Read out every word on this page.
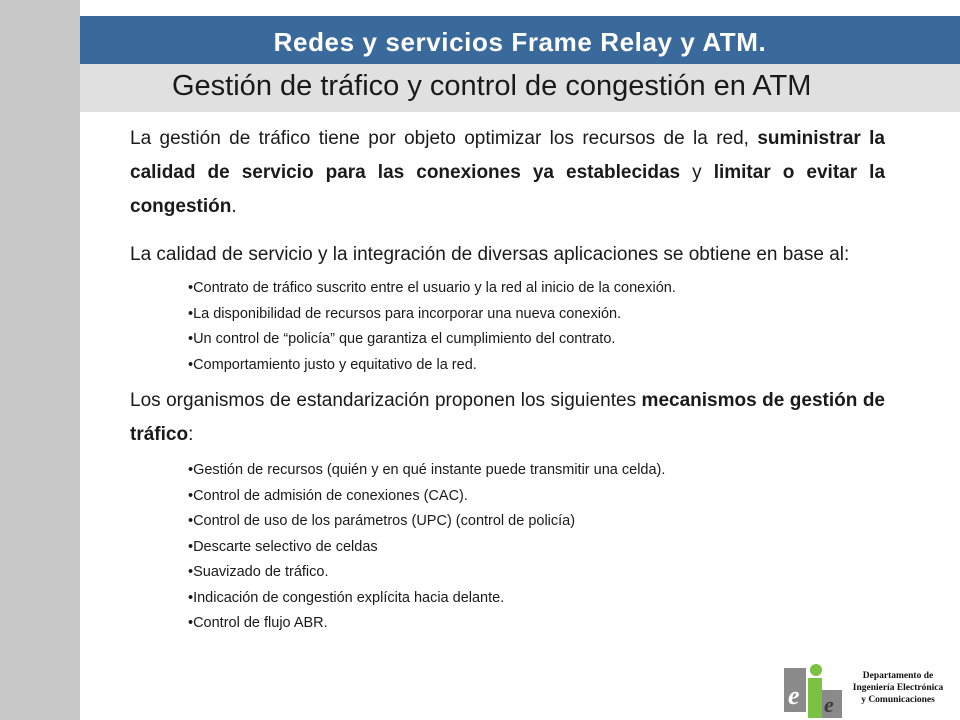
Redes y servicios Frame Relay y ATM.
Gestión de tráfico y control de congestión en ATM

La gestión de tráfico tiene por objeto optimizar los recursos de la red, suministrar la calidad de servicio para las conexiones ya establecidas y limitar o evitar la congestión.

La calidad de servicio y la integración de diversas aplicaciones se obtiene en base al:

• Contrato de tráfico suscrito entre el usuario y la red al inicio de la conexión.
• La disponibilidad de recursos para incorporar una nueva conexión.
• Un control de “policía” que garantiza el cumplimiento del contrato.
• Comportamiento justo y equitativo de la red.

Los organismos de estandarización proponen los siguientes mecanismos de gestión de tráfico:

• Gestión de recursos (quién y en qué instante puede transmitir una celda).
• Control de admisión de conexiones (CAC).
• Control de uso de los parámetros (UPC) (control de policía)
• Descarte selectivo de celdas
• Suavizado de tráfico.
• Indicación de congestión explícita hacia delante.
• Control de flujo ABR.
e e
Departamento de
Ingeniería Electrónica
y Comunicaciones
